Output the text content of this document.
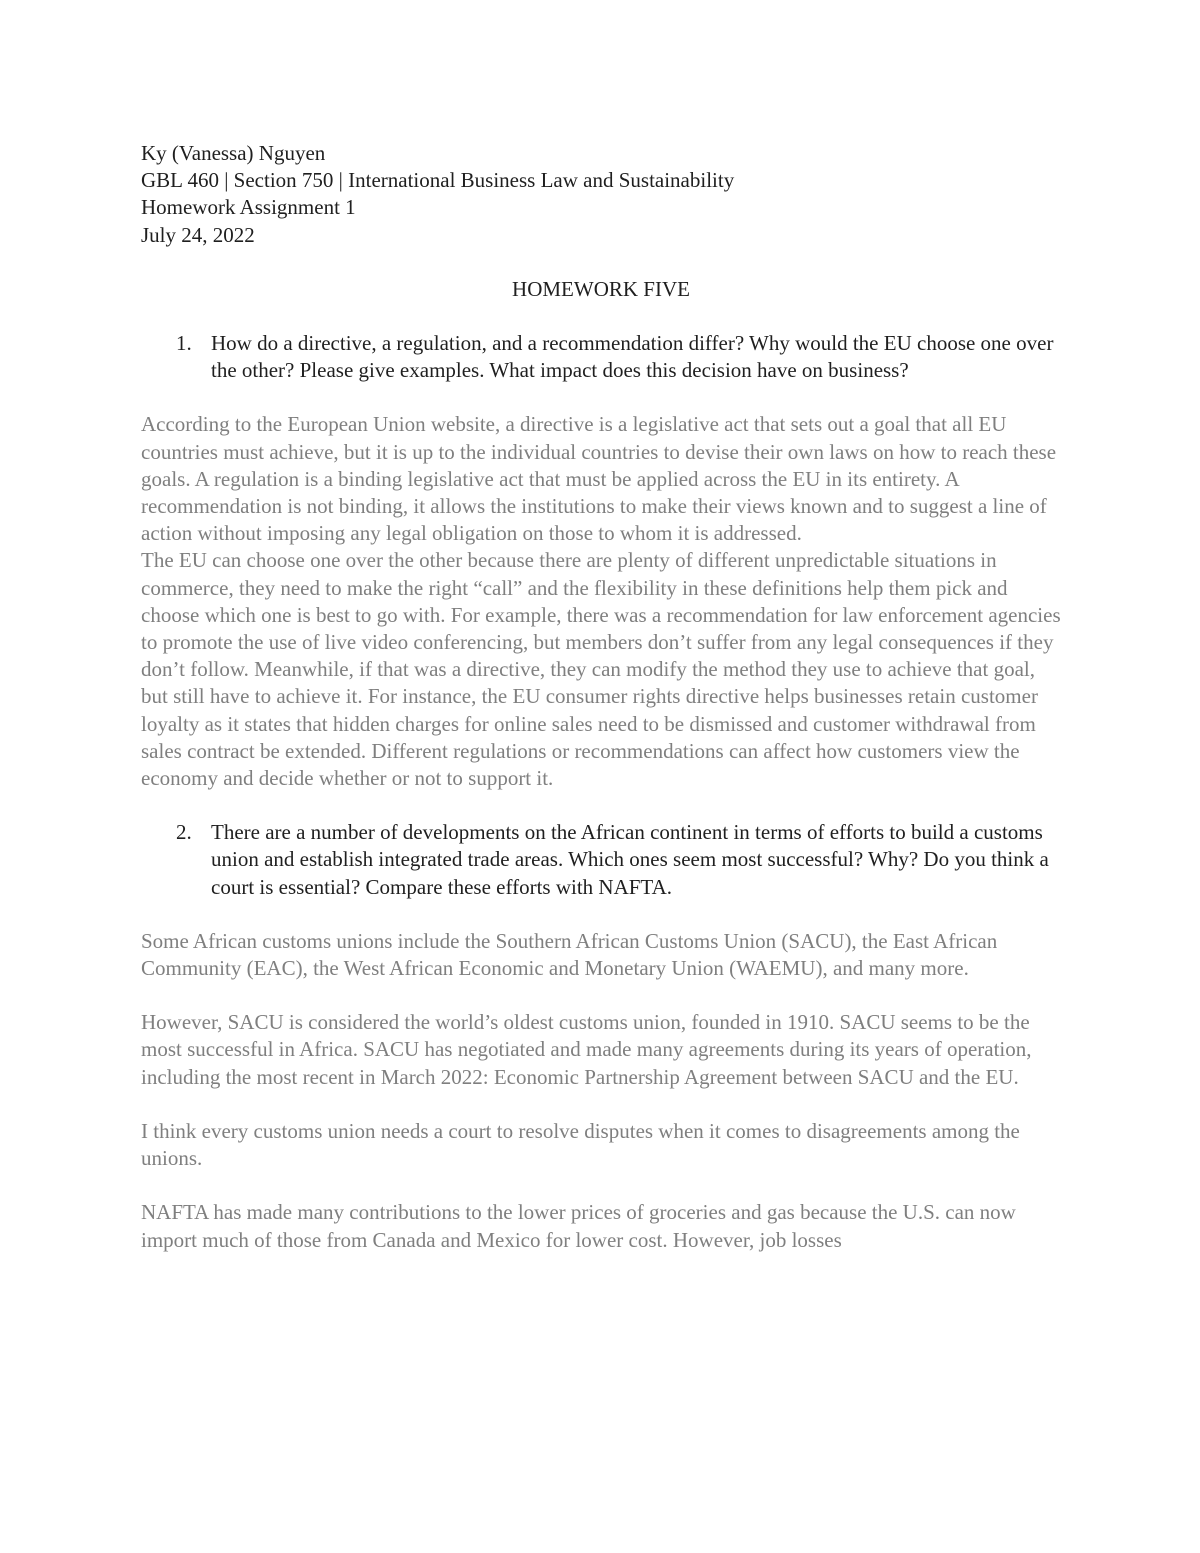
Ky (Vanessa) Nguyen

GBL 460 | Section 750 | International Business Law and Sustainability

Homework Assignment 1

July 24, 2022

HOMEWORK FIVE

1. How do a directive, a regulation, and a recommendation differ? Why would the EU choose one over the other? Please give examples. What impact does this decision have on business?

According to the European Union website, a directive is a legislative act that sets out a goal that all EU countries must achieve, but it is up to the individual countries to devise their own laws on how to reach these goals. A regulation is a binding legislative act that must be applied across the EU in its entirety. A recommendation is not binding, it allows the institutions to make their views known and to suggest a line of action without imposing any legal obligation on those to whom it is addressed.

The EU can choose one over the other because there are plenty of different unpredictable situations in commerce, they need to make the right “call” and the flexibility in these definitions help them pick and choose which one is best to go with. For example, there was a recommendation for law enforcement agencies to promote the use of live video conferencing, but members don’t suffer from any legal consequences if they don’t follow. Meanwhile, if that was a directive, they can modify the method they use to achieve that goal, but still have to achieve it. For instance, the EU consumer rights directive helps businesses retain customer loyalty as it states that hidden charges for online sales need to be dismissed and customer withdrawal from sales contract be extended. Different regulations or recommendations can affect how customers view the economy and decide whether or not to support it.

2. There are a number of developments on the African continent in terms of efforts to build a customs union and establish integrated trade areas. Which ones seem most successful? Why? Do you think a court is essential? Compare these efforts with NAFTA.

Some African customs unions include the Southern African Customs Union (SACU), the East African Community (EAC), the West African Economic and Monetary Union (WAEMU), and many more.

However, SACU is considered the world’s oldest customs union, founded in 1910. SACU seems to be the most successful in Africa. SACU has negotiated and made many agreements during its years of operation, including the most recent in March 2022: Economic Partnership Agreement between SACU and the EU.

I think every customs union needs a court to resolve disputes when it comes to disagreements among the unions.

NAFTA has made many contributions to the lower prices of groceries and gas because the U.S. can now import much of those from Canada and Mexico for lower cost. However, job losses
